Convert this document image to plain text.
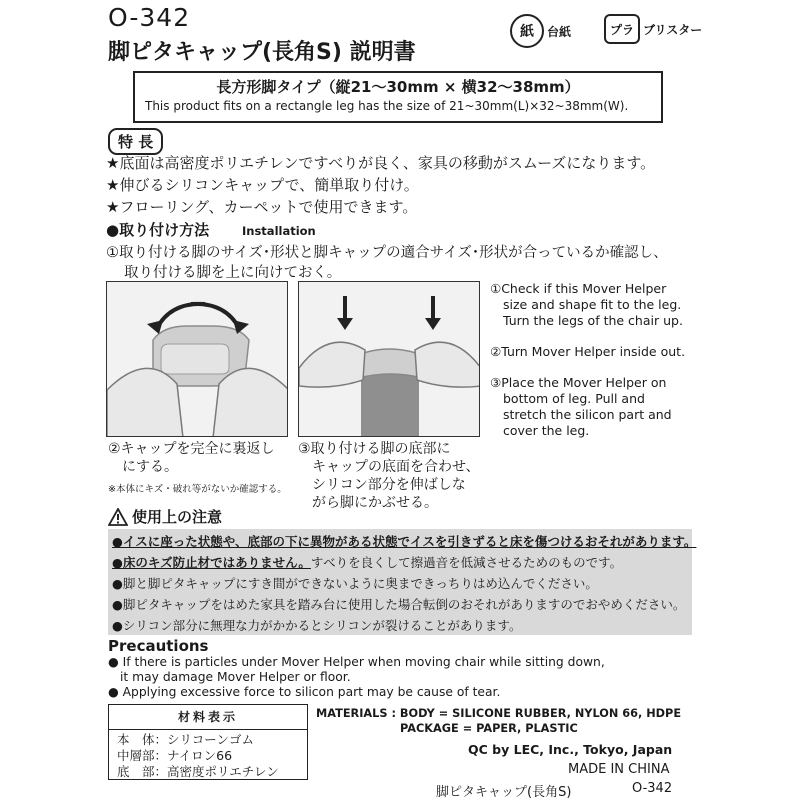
O-342
脚ピタキャップ(長角S) 説明書
紙	台紙	プラ ブリスター
長方形脚タイプ（縦21～30mm × 横32～38mm）
This product fits on a rectangle leg has the size of 21~30mm(L)×32~38mm(W).
特 長
★底面は高密度ポリエチレンですべりが良く、家具の移動がスムーズになります。
★伸びるシリコンキャップで、簡単取り付け。
★フローリング、カーペットで使用できます。
●取り付け方法	Installation
①取り付ける脚のサイズ･形状と脚キャップの適合サイズ･形状が合っているか確認し、
取り付ける脚を上に向けておく。
①Check if this Mover Helper
size and shape fit to the leg.
Turn the legs of the chair up.
②Turn Mover Helper inside out.
③Place the Mover Helper on
bottom of leg. Pull and
stretch the silicon part and
cover the leg.
②キャップを完全に裏返し
にする。
※本体にキズ・破れ等がないか確認する。
③取り付ける脚の底部に
キャップの底面を合わせ、
シリコン部分を伸ばしな
がら脚にかぶせる。
使用上の注意
●イスに座った状態や、底部の下に異物がある状態でイスを引きずると床を傷つけるおそれがあります。
●床のキズ防止材ではありません。すべりを良くして擦過音を低減させるためのものです。
●脚と脚ピタキャップにすき間ができないように奥まできっちりはめ込んでください。
●脚ピタキャップをはめた家具を踏み台に使用した場合転倒のおそれがありますのでおやめください。
●シリコン部分に無理な力がかかるとシリコンが裂けることがあります。
Precautions
● If there is particles under Mover Helper when moving chair while sitting down,
it may damage Mover Helper or floor.
● Applying excessive force to silicon part may be cause of tear.
材料表示
本　体：シリコーンゴム
中層部：ナイロン66
底　部：高密度ポリエチレン
MATERIALS : BODY = SILICONE RUBBER, NYLON 66, HDPE
PACKAGE = PAPER, PLASTIC
QC by LEC, Inc., Tokyo, Japan
MADE IN CHINA
脚ピタキャップ(長角S)	O-342
